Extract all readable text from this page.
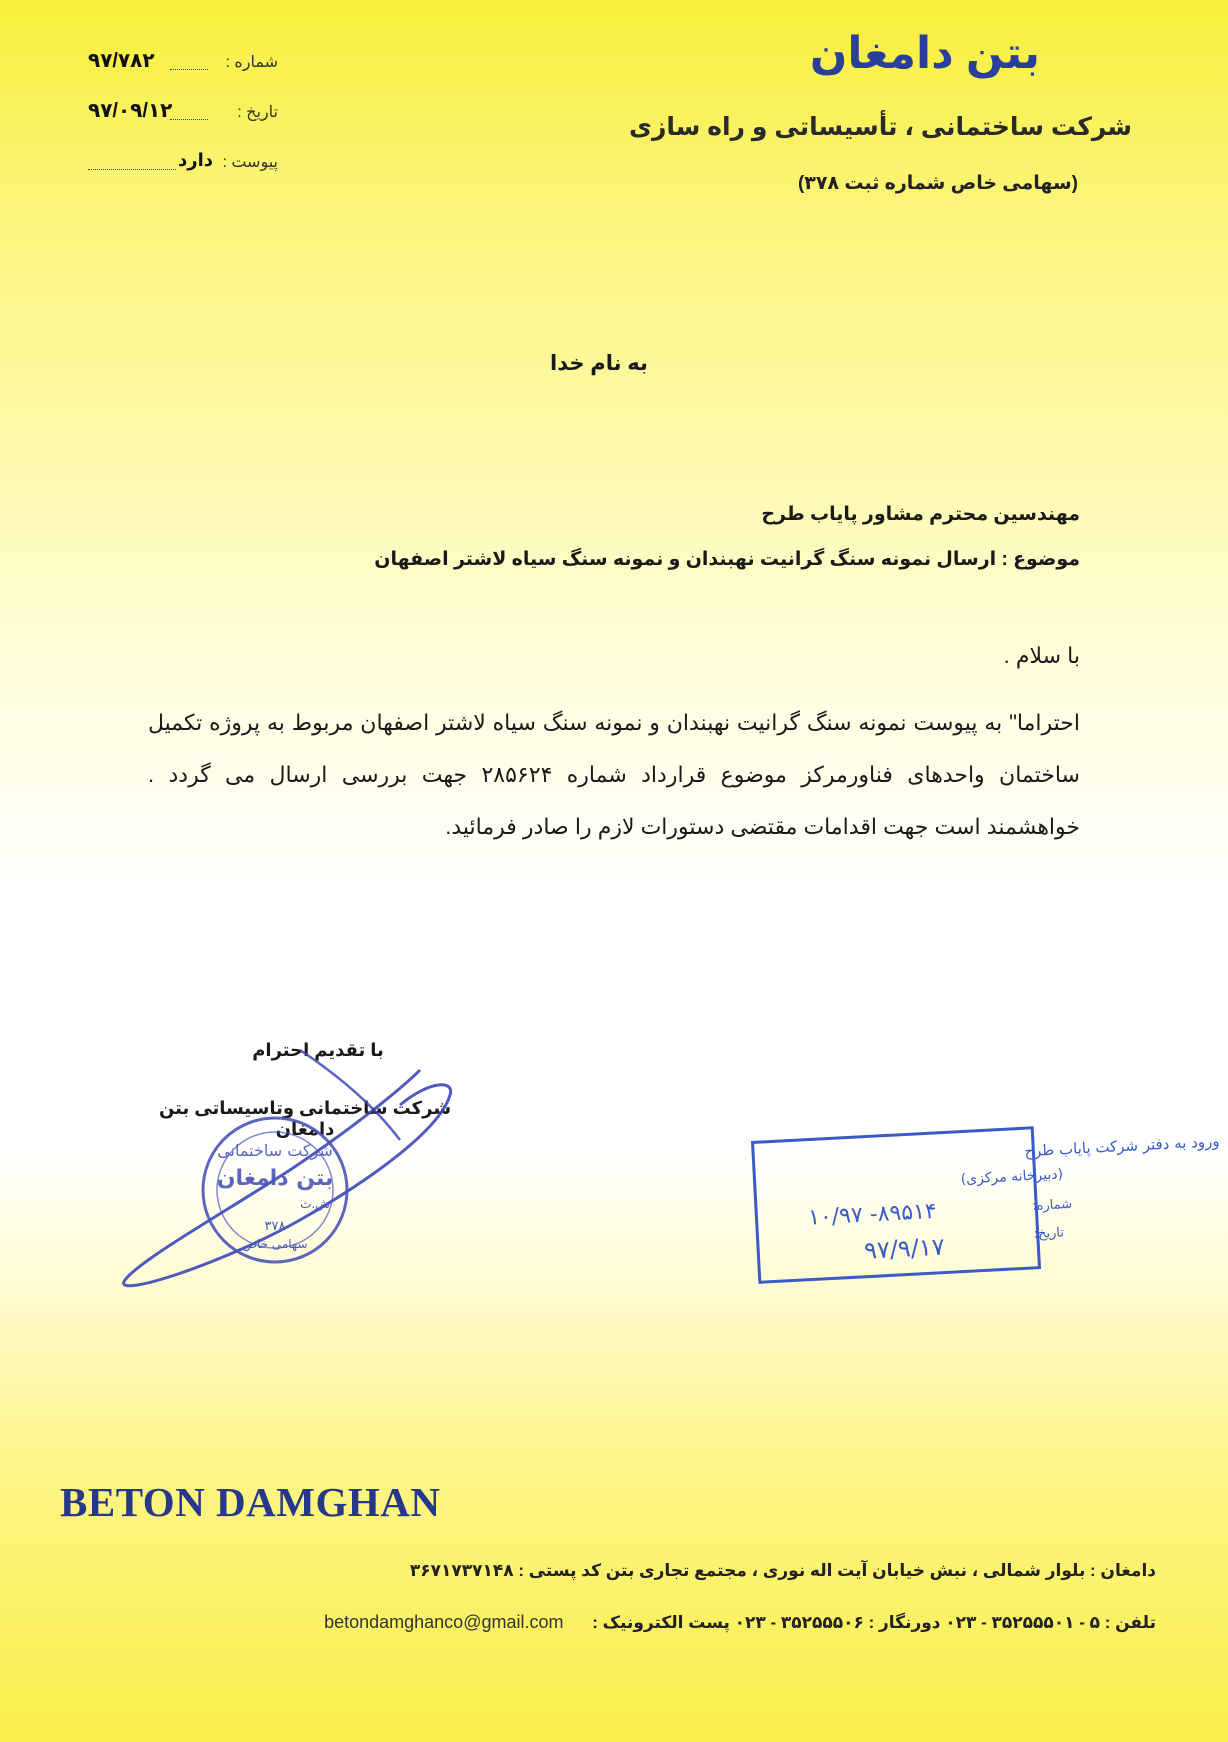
بتن دامغان
شرکت ساختمانی ، تأسیساتی و راه سازی
(سهامی خاص شماره ثبت ۳۷۸)
شماره :
۹۷/۷۸۲
تاریخ :
۹۷/۰۹/۱۲
پیوست :
دارد
به نام خدا
مهندسین محترم مشاور پایاب طرح
موضوع : ارسال نمونه سنگ گرانیت نهبندان و نمونه سنگ سیاه لاشتر اصفهان
با سلام .
احتراما" به پیوست نمونه سنگ گرانیت نهبندان و نمونه سنگ سیاه لاشتر اصفهان مربوط به پروژه تکمیل ساختمان واحدهای فناورمرکز موضوع قرارداد شماره ۲۸۵۶۲۴ جهت بررسی ارسال می گردد . خواهشمند است جهت اقدامات مقتضی دستورات لازم را صادر فرمائید.
با تقدیم احترام
شرکت ساختمانی وتاسیساتی بتن دامغان
شرکت ساختمانی
بتن دامغان
ش.ث
۳۷۸
سهامی خاص
ورود به دفتر شرکت پایاب طرح
(دبیرخانه مرکزی)
شماره:
۱۰/۹۷ -۸۹۵۱۴
تاریخ:
۹۷/۹/۱۷
BETON DAMGHAN
دامغان : بلوار شمالی ، نبش خیابان آیت اله نوری ، مجتمع تجاری بتن کد پستی : ۳۶۷۱۷۳۷۱۴۸
تلفن : ۵ - ۳۵۲۵۵۵۰۱ - ۰۲۳ دورنگار : ۳۵۲۵۵۵۰۶ - ۰۲۳ پست الکترونیک : betondamghanco@gmail.com
